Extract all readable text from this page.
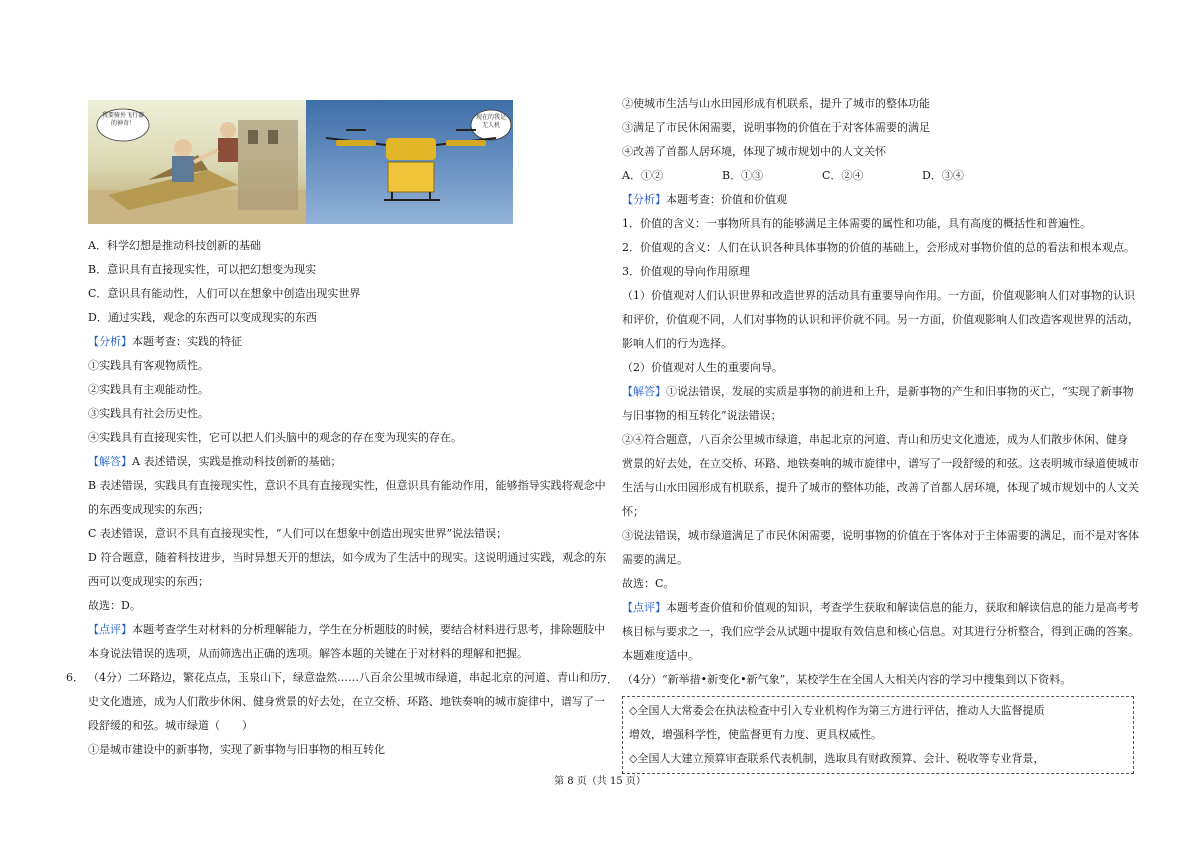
我要骑外飞行器的神奇！
现在的我是无人机
A．科学幻想是推动科技创新的基础
B．意识具有直接现实性，可以把幻想变为现实
C．意识具有能动性，人们可以在想象中创造出现实世界
D．通过实践，观念的东西可以变成现实的东西
【分析】本题考查：实践的特征
①实践具有客观物质性。
②实践具有主观能动性。
③实践具有社会历史性。
④实践具有直接现实性，它可以把人们头脑中的观念的存在变为现实的存在。
【解答】A 表述错误，实践是推动科技创新的基础；
B 表述错误，实践具有直接现实性，意识不具有直接现实性，但意识具有能动作用，能够指导实践将观念中
的东西变成现实的东西；
C 表述错误，意识不具有直接现实性，“人们可以在想象中创造出现实世界”说法错误；
D 符合题意，随着科技进步，当时异想天开的想法，如今成为了生活中的现实。这说明通过实践，观念的东
西可以变成现实的东西；
故选：D。
【点评】本题考查学生对材料的分析理解能力，学生在分析题肢的时候，要结合材料进行思考，排除题肢中
本身说法错误的选项，从而筛选出正确的选项。解答本题的关键在于对材料的理解和把握。
6． （4分）二环路边，繁花点点，玉泉山下，绿意盎然……八百余公里城市绿道，串起北京的河道、青山和历
史文化遗迹，成为人们散步休闲、健身赏景的好去处，在立交桥、环路、地铁奏响的城市旋律中，谱写了一
段舒缓的和弦。城市绿道（　　）
①是城市建设中的新事物，实现了新事物与旧事物的相互转化
②使城市生活与山水田园形成有机联系，提升了城市的整体功能
③满足了市民休闲需要，说明事物的价值在于对客体需要的满足
④改善了首都人居环境，体现了城市规划中的人文关怀
A．①②	B．①③	C．②④	D．③④
【分析】本题考查：价值和价值观
1．价值的含义：一事物所具有的能够满足主体需要的属性和功能，具有高度的概括性和普遍性。
2．价值观的含义：人们在认识各种具体事物的价值的基础上，会形成对事物价值的总的看法和根本观点。
3．价值观的导向作用原理
（1）价值观对人们认识世界和改造世界的活动具有重要导向作用。一方面，价值观影响人们对事物的认识
和评价，价值观不同，人们对事物的认识和评价就不同。另一方面，价值观影响人们改造客观世界的活动，
影响人们的行为选择。
（2）价值观对人生的重要向导。
【解答】①说法错误，发展的实质是事物的前进和上升，是新事物的产生和旧事物的灭亡，“实现了新事物
与旧事物的相互转化”说法错误；
②④符合题意，八百余公里城市绿道，串起北京的河道、青山和历史文化遗迹，成为人们散步休闲、健身
赏景的好去处，在立交桥、环路、地铁奏响的城市旋律中，谱写了一段舒缓的和弦。这表明城市绿道使城市
生活与山水田园形成有机联系，提升了城市的整体功能，改善了首都人居环境，体现了城市规划中的人文关
怀；
③说法错误，城市绿道满足了市民休闲需要，说明事物的价值在于客体对于主体需要的满足，而不是对客体
需要的满足。
故选：C。
【点评】本题考查价值和价值观的知识，考查学生获取和解读信息的能力，获取和解读信息的能力是高考考
核目标与要求之一，我们应学会从试题中提取有效信息和核心信息。对其进行分析整合，得到正确的答案。
本题难度适中。
7． （4分）“新举措•新变化•新气象”，某校学生在全国人大相关内容的学习中搜集到以下资料。
◇全国人大常委会在执法检查中引入专业机构作为第三方进行评估，推动人大监督提质
增效，增强科学性，使监督更有力度、更具权威性。
◇全国人大建立预算审查联系代表机制，选取具有财政预算、会计、税收等专业背景，
第 8 页（共 15 页）
